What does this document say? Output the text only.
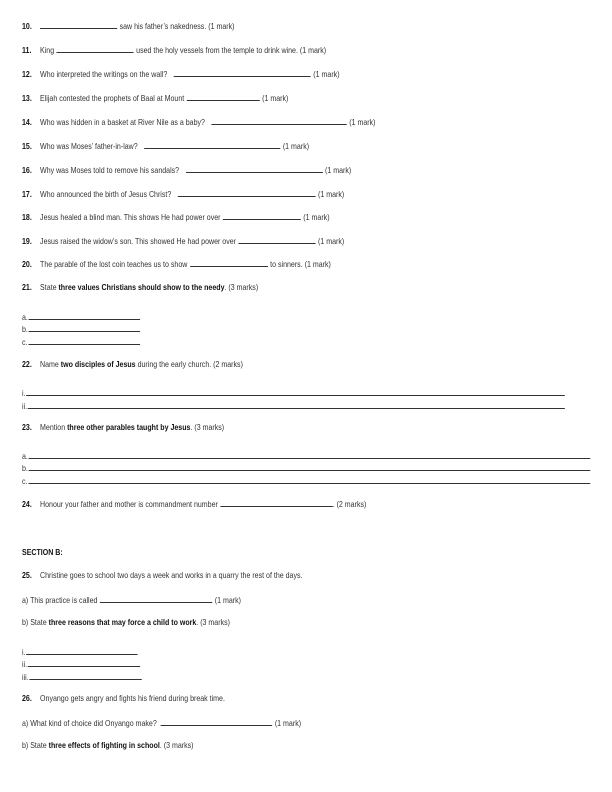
10.	saw his father’s nakedness. (1 mark)
11. King	used the holy vessels from the temple to drink wine. (1 mark)
12. Who interpreted the writings on the wall?	(1 mark)
13. Elijah contested the prophets of Baal at Mount	(1 mark)
14. Who was hidden in a basket at River Nile as a baby?	(1 mark)
15. Who was Moses’ father-in-law?	(1 mark)
16. Why was Moses told to remove his sandals?	(1 mark)
17. Who announced the birth of Jesus Christ?	(1 mark)
18. Jesus healed a blind man. This shows He had power over	(1 mark)
19. Jesus raised the widow’s son. This showed He had power over	(1 mark)
20. The parable of the lost coin teaches us to show	to sinners. (1 mark)
21. State three values Christians should show to the needy. (3 marks)
a.
b.
c.
22. Name two disciples of Jesus during the early church. (2 marks)
i.
ii.
23. Mention three other parables taught by Jesus. (3 marks)
a.
b.
c.
24. Honour your father and mother is commandment number	. (2 marks)
SECTION B:
25. Christine goes to school two days a week and works in a quarry the rest of the days.
a) This practice is called	(1 mark)
b) State three reasons that may force a child to work. (3 marks)
i.
ii.
iii.
26. Onyango gets angry and fights his friend during break time.
a) What kind of choice did Onyango make?	(1 mark)
b) State three effects of fighting in school. (3 marks)
